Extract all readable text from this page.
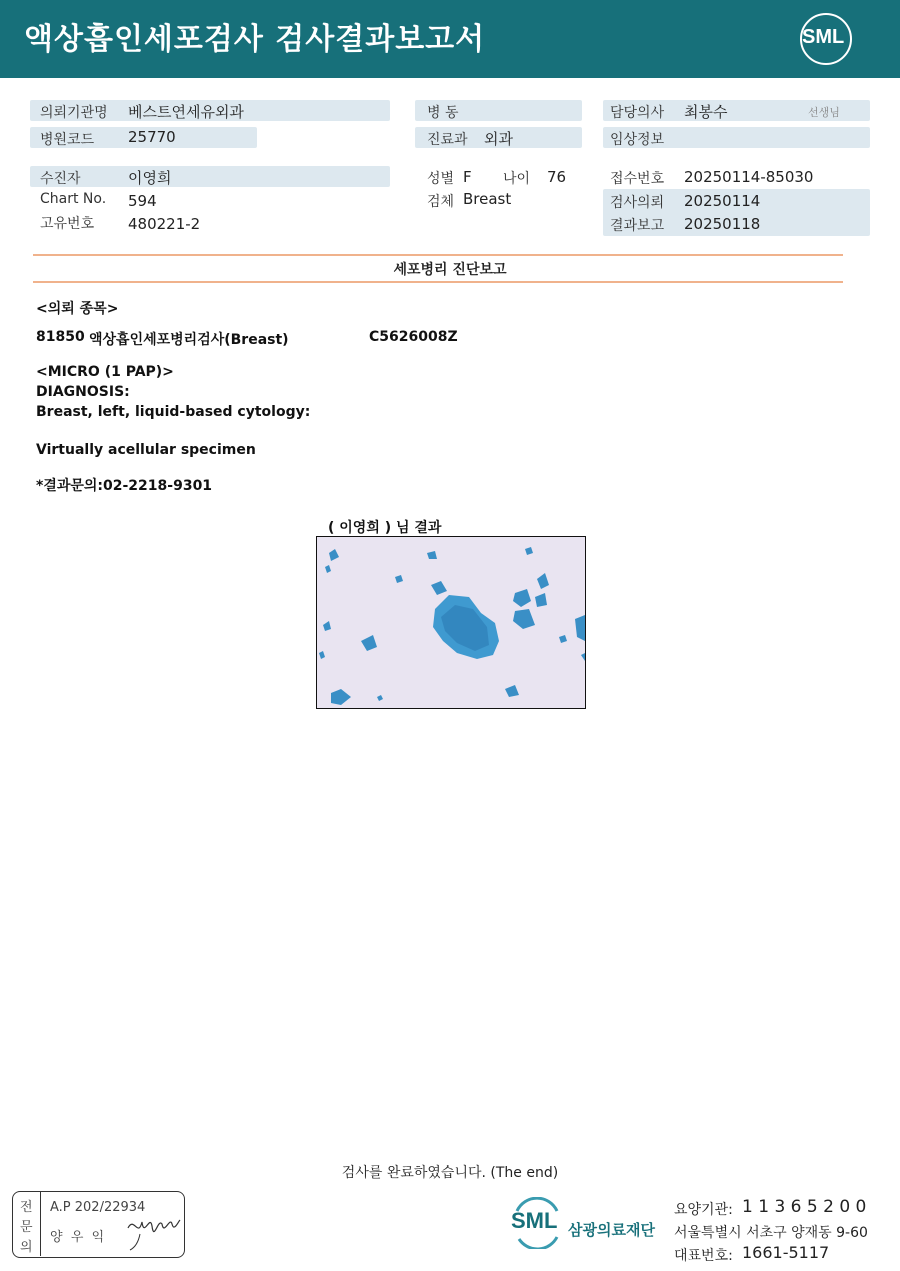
액상흡인세포검사 검사결과보고서	SML
의뢰기관명 베스트연세유외과
병원코드 25770
병 동
진료과 외과
담당의사 최봉수	선생님
임상정보
수진자	이영희
Chart No. 594
고유번호 480221-2
성별 F 나이 76
검체 Breast
접수번호 20250114-85030
검사의뢰 20250114
결과보고 20250118
세포병리 진단보고
<의뢰 종목>
81850 액상흡인세포병리검사(Breast)	C5626008Z
<MICRO (1 PAP)>
DIAGNOSIS:
Breast, left, liquid-based cytology:
Virtually acellular specimen
*결과문의:02-2218-9301
( 이영희 ) 님 결과
검사를 완료하였습니다. (The end)
전
문
의
A.P 202/22934
양  우  익
SML 삼광의료재단
요양기관: 1 1 3 6 5 2 0 0
서울특별시 서초구 양재동 9-60
대표번호: 1661-5117
